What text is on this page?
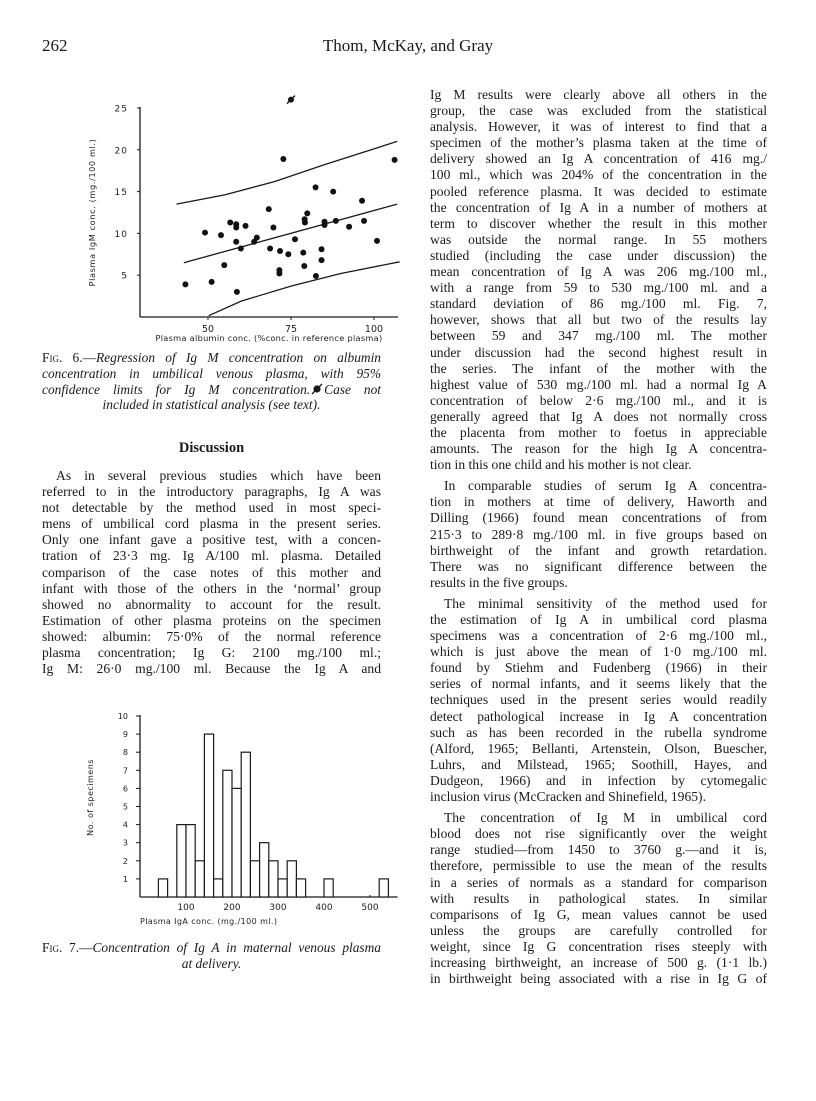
262	Thom, McKay, and Gray
5
10
15
20
25
50	75	100
Plasma albumin conc. (%conc. in reference plasma)
Plasma IgM conc. (mg./100 ml.)
Fig. 6.—Regression of Ig M concentration on albumin
concentration in umbilical venous plasma, with 95%
confidence limits for Ig M concentration. Case not
included in statistical analysis (see text).
Discussion

As in several previous studies which have been
referred to in the introductory paragraphs, Ig A was
not detectable by the method used in most speci-
mens of umbilical cord plasma in the present series.
Only one infant gave a positive test, with a concen-
tration of 23·3 mg. Ig A/100 ml. plasma. Detailed
comparison of the case notes of this mother and
infant with those of the others in the ‘normal’ group
showed no abnormality to account for the result.
Estimation of other plasma proteins on the specimen
showed: albumin: 75·0% of the normal reference
plasma concentration; Ig G: 2100 mg./100 ml.;
Ig M: 26·0 mg./100 ml. Because the Ig A and

1
2
3
4
5
6
7
8
9
10
100	200	300	400	500
Plasma IgA conc. (mg./100 ml.)
No. of specimens
Fig. 7.—Concentration of Ig A in maternal venous plasma
at delivery.

Ig M results were clearly above all others in the
group, the case was excluded from the statistical
analysis. However, it was of interest to find that a
specimen of the mother’s plasma taken at the time of
delivery showed an Ig A concentration of 416 mg./
100 ml., which was 204% of the concentration in the
pooled reference plasma. It was decided to estimate
the concentration of Ig A in a number of mothers at
term to discover whether the result in this mother
was outside the normal range. In 55 mothers
studied (including the case under discussion) the
mean concentration of Ig A was 206 mg./100 ml.,
with a range from 59 to 530 mg./100 ml. and a
standard deviation of 86 mg./100 ml. Fig. 7,
however, shows that all but two of the results lay
between 59 and 347 mg./100 ml. The mother
under discussion had the second highest result in
the series. The infant of the mother with the
highest value of 530 mg./100 ml. had a normal Ig A
concentration of below 2·6 mg./100 ml., and it is
generally agreed that Ig A does not normally cross
the placenta from mother to foetus in appreciable
amounts. The reason for the high Ig A concentra-
tion in this one child and his mother is not clear.

In comparable studies of serum Ig A concentra-
tion in mothers at time of delivery, Haworth and
Dilling (1966) found mean concentrations of from
215·3 to 289·8 mg./100 ml. in five groups based on
birthweight of the infant and growth retardation.
There was no significant difference between the
results in the five groups.

The minimal sensitivity of the method used for
the estimation of Ig A in umbilical cord plasma
specimens was a concentration of 2·6 mg./100 ml.,
which is just above the mean of 1·0 mg./100 ml.
found by Stiehm and Fudenberg (1966) in their
series of normal infants, and it seems likely that the
techniques used in the present series would readily
detect pathological increase in Ig A concentration
such as has been recorded in the rubella syndrome
(Alford, 1965; Bellanti, Artenstein, Olson, Buescher,
Luhrs, and Milstead, 1965; Soothill, Hayes, and
Dudgeon, 1966) and in infection by cytomegalic
inclusion virus (McCracken and Shinefield, 1965).

The concentration of Ig M in umbilical cord
blood does not rise significantly over the weight
range studied—from 1450 to 3760 g.—and it is,
therefore, permissible to use the mean of the results
in a series of normals as a standard for comparison
with results in pathological states. In similar
comparisons of Ig G, mean values cannot be used
unless the groups are carefully controlled for
weight, since Ig G concentration rises steeply with
increasing birthweight, an increase of 500 g. (1·1 lb.)
in birthweight being associated with a rise in Ig G of
